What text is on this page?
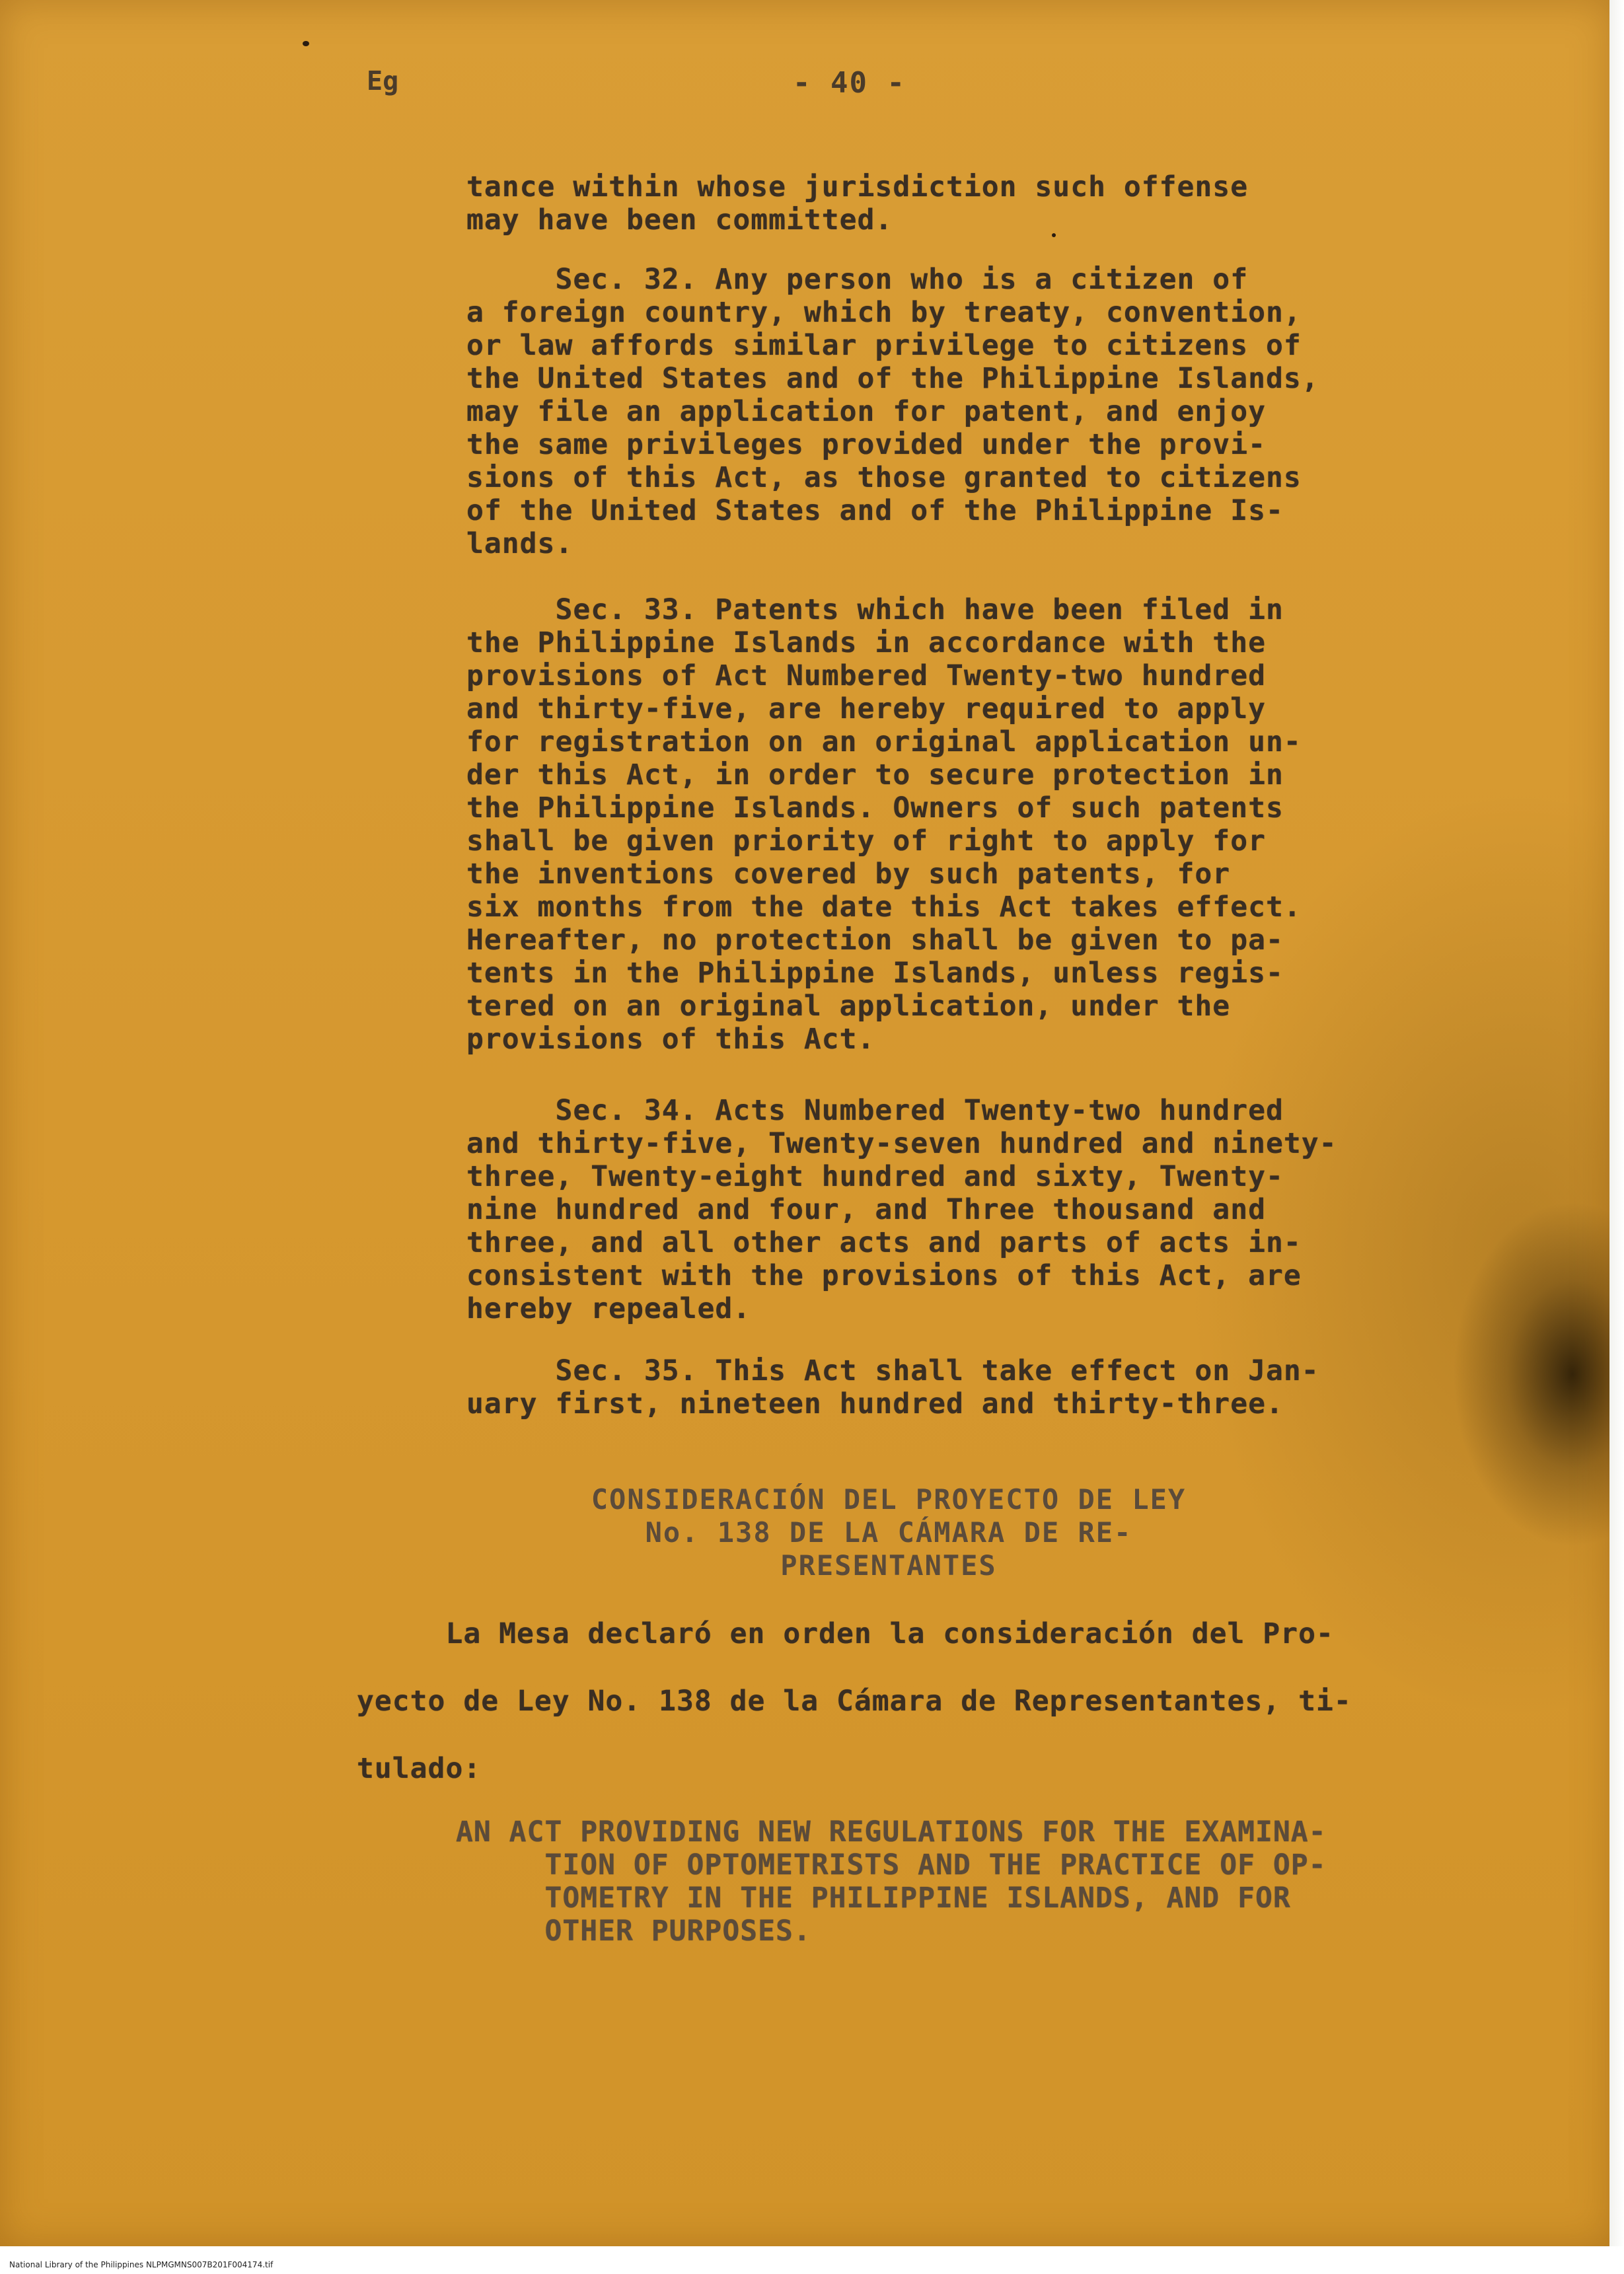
Eg	- 40 -

tance within whose jurisdiction such offense

may have been committed.

Sec. 32. Any person who is a citizen of

a foreign country, which by treaty, convention,

or law affords similar privilege to citizens of

the United States and of the Philippine Islands,

may file an application for patent, and enjoy

the same privileges provided under the provi-

sions of this Act, as those granted to citizens

of the United States and of the Philippine Is-

lands.

Sec. 33. Patents which have been filed in

the Philippine Islands in accordance with the

provisions of Act Numbered Twenty-two hundred

and thirty-five, are hereby required to apply

for registration on an original application un-

der this Act, in order to secure protection in

the Philippine Islands. Owners of such patents

shall be given priority of right to apply for

the inventions covered by such patents, for

six months from the date this Act takes effect.

Hereafter, no protection shall be given to pa-

tents in the Philippine Islands, unless regis-

tered on an original application, under the

provisions of this Act.

Sec. 34. Acts Numbered Twenty-two hundred

and thirty-five, Twenty-seven hundred and ninety-

three, Twenty-eight hundred and sixty, Twenty-

nine hundred and four, and Three thousand and

three, and all other acts and parts of acts in-

consistent with the provisions of this Act, are

hereby repealed.

Sec. 35. This Act shall take effect on Jan-

uary first, nineteen hundred and thirty-three.

CONSIDERACIÓN DEL PROYECTO DE LEY

No. 138 DE LA CÁMARA DE RE-

PRESENTANTES

La Mesa declaró en orden la consideración del Pro-

yecto de Ley No. 138 de la Cámara de Representantes, ti-

tulado:

AN ACT PROVIDING NEW REGULATIONS FOR THE EXAMINA-

TION OF OPTOMETRISTS AND THE PRACTICE OF OP-

TOMETRY IN THE PHILIPPINE ISLANDS, AND FOR

OTHER PURPOSES.

National Library of the Philippines NLPMGMNS007B201F004174.tif
